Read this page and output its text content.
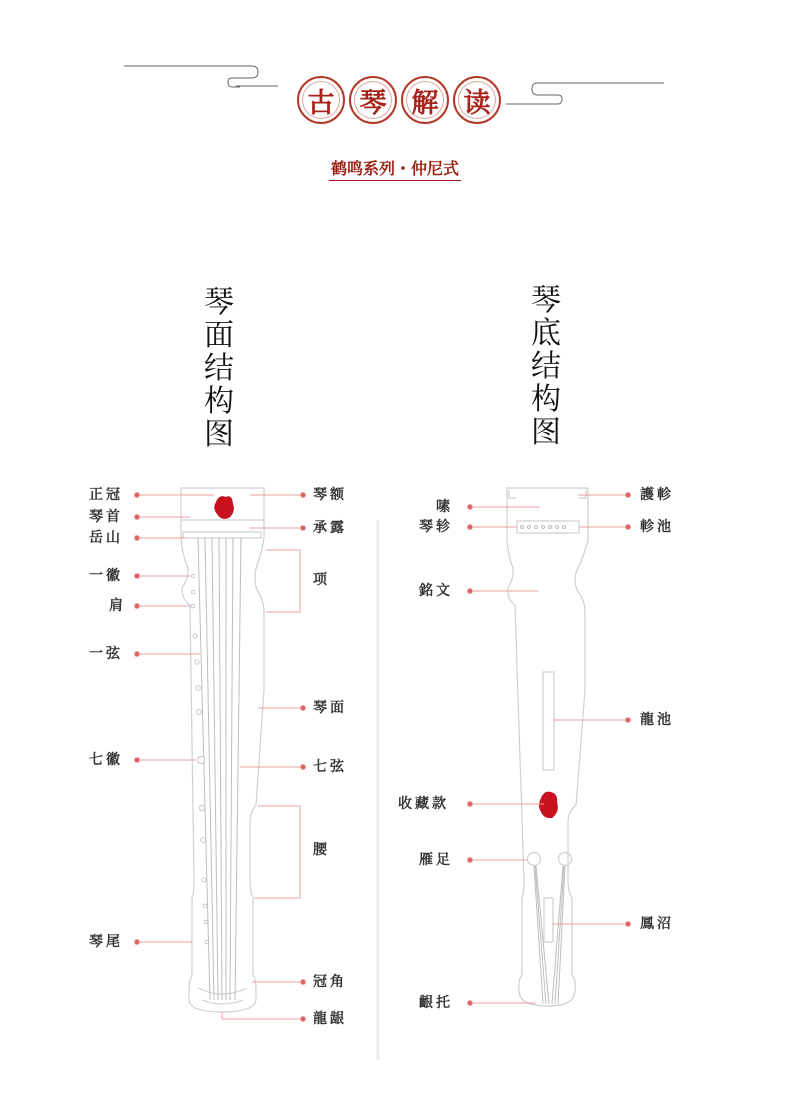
古 琴 解 读
鹤鸣系列・仲尼式
琴
面
结
构
图
琴
底
结
构
图
正冠
琴首
岳山
一徽
肩
一弦
七徽
琴尾
琴额
承露
项
琴面
七弦
腰
冠角
龍龈
嗉
琴轸
銘文
收藏款
雁足
齦托
護軫
軫池
龍池
鳳沼
